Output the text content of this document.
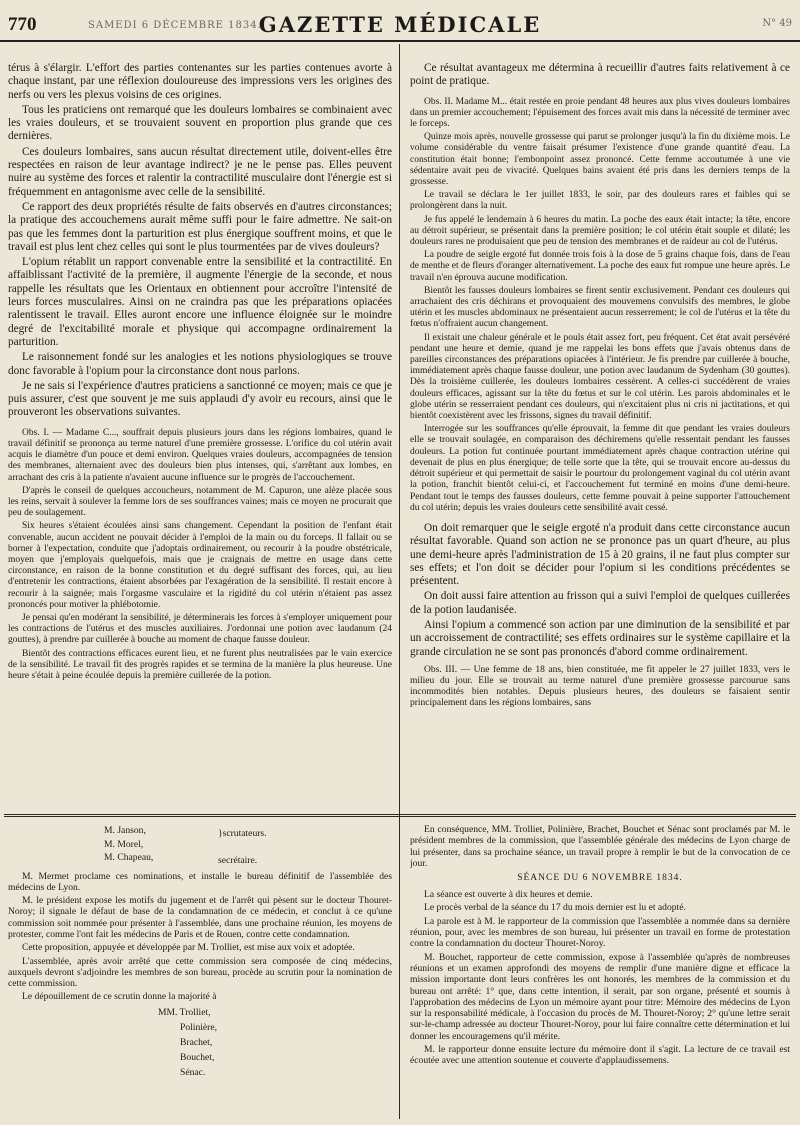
770	SAMEDI 6 DÉCEMBRE 1834.
GAZETTE MÉDICALE	N° 49

térus à s'élargir. L'effort des parties contenantes sur les parties contenues avorte à chaque instant, par une réflexion douloureuse des impressions vers les origines des nerfs ou vers les plexus voisins de ces origines.

Tous les praticiens ont remarqué que les douleurs lombaires se combinaient avec les vraies douleurs, et se trouvaient souvent en proportion plus grande que ces dernières.

Ces douleurs lombaires, sans aucun résultat directement utile, doivent-elles être respectées en raison de leur avantage indirect? je ne le pense pas. Elles peuvent nuire au système des forces et ralentir la contractilité musculaire dont l'énergie est si fréquemment en antagonisme avec celle de la sensibilité.

Ce rapport des deux propriétés résulte de faits observés en d'autres circonstances; la pratique des accouchemens aurait même suffi pour le faire admettre. Ne sait-on pas que les femmes dont la parturition est plus énergique souffrent moins, et que le travail est plus lent chez celles qui sont le plus tourmentées par de vives douleurs?

L'opium rétablit un rapport convenable entre la sensibilité et la contractilité. En affaiblissant l'activité de la première, il augmente l'énergie de la seconde, et nous rappelle les résultats que les Orientaux en obtiennent pour accroître l'intensité de leurs forces musculaires. Ainsi on ne craindra pas que les préparations opiacées ralentissent le travail. Elles auront encore une influence éloignée sur le moindre degré de l'excitabilité morale et physique qui accompagne ordinairement la parturition.

Le raisonnement fondé sur les analogies et les notions physiologiques se trouve donc favorable à l'opium pour la circonstance dont nous parlons.

Je ne sais si l'expérience d'autres praticiens a sanctionné ce moyen; mais ce que je puis assurer, c'est que souvent je me suis applaudi d'y avoir eu recours, ainsi que le prouveront les observations suivantes.

Obs. I. — Madame C..., souffrait depuis plusieurs jours dans les régions lombaires, quand le travail définitif se prononça au terme naturel d'une première grossesse. L'orifice du col utérin avait acquis le diamètre d'un pouce et demi environ. Quelques vraies douleurs, accompagnées de tension des membranes, alternaient avec des douleurs bien plus intenses, qui, s'arrêtant aux lombes, en arrachant des cris à la patiente n'avaient aucune influence sur le progrès de l'accouchement.

D'après le conseil de quelques accoucheurs, notamment de M. Capuron, une alèze placée sous les reins, servait à soulever la femme lors de ses souffrances vaines; mais ce moyen ne procurait que peu de soulagement.

Six heures s'étaient écoulées ainsi sans changement. Cependant la position de l'enfant était convenable, aucun accident ne pouvait décider à l'emploi de la main ou du forceps. Il fallait ou se borner à l'expectation, conduite que j'adoptais ordinairement, ou recourir à la poudre obstétricale, moyen que j'employais quelquefois, mais que je craignais de mettre en usage dans cette circonstance, en raison de la bonne constitution et du degré suffisant des forces, qui, au lieu d'entretenir les contractions, étaient absorbées par l'exagération de la sensibilité. Il restait encore à recourir à la saignée; mais l'orgasme vasculaire et la rigidité du col utérin n'étaient pas assez prononcés pour motiver la phlébotomie.

Je pensai qu'en modérant la sensibilité, je déterminerais les forces à s'employer uniquement pour les contractions de l'utérus et des muscles auxiliaires. J'ordonnai une potion avec laudanum (24 gouttes), à prendre par cuillerée à bouche au moment de chaque fausse douleur.

Bientôt des contractions efficaces eurent lieu, et ne furent plus neutralisées par le vain exercice de la sensibilité. Le travail fit des progrès rapides et se termina de la manière la plus heureuse. Une heure s'était à peine écoulée depuis la première cuillerée de la potion.

Ce résultat avantageux me détermina à recueillir d'autres faits relativement à ce point de pratique.

Obs. II. Madame M... était restée en proie pendant 48 heures aux plus vives douleurs lombaires dans un premier accouchement; l'épuisement des forces avait mis dans la nécessité de terminer avec le forceps.

Quinze mois après, nouvelle grossesse qui parut se prolonger jusqu'à la fin du dixième mois. Le volume considérable du ventre faisait présumer l'existence d'une grande quantité d'eau. La constitution était bonne; l'embonpoint assez prononcé. Cette femme accoutumée à une vie sédentaire avait peu de vivacité. Quelques bains avaient été pris dans les derniers temps de la grossesse.

Le travail se déclara le 1er juillet 1833, le soir, par des douleurs rares et faibles qui se prolongèrent dans la nuit.

Je fus appelé le lendemain à 6 heures du matin. La poche des eaux était intacte; la tête, encore au détroit supérieur, se présentait dans la première position; le col utérin était souple et dilaté; les douleurs rares ne produisaient que peu de tension des membranes et de raideur au col de l'utérus.

La poudre de seigle ergoté fut donnée trois fois à la dose de 5 grains chaque fois, dans de l'eau de menthe et de fleurs d'oranger alternativement. La poche des eaux fut rompue une heure après. Le travail n'en éprouva aucune modification.

Bientôt les fausses douleurs lombaires se firent sentir exclusivement. Pendant ces douleurs qui arrachaient des cris déchirans et provoquaient des mouvemens convulsifs des membres, le globe utérin et les muscles abdominaux ne présentaient aucun resserrement; le col de l'utérus et la tête du fœtus n'offraient aucun changement.

Il existait une chaleur générale et le pouls était assez fort, peu fréquent. Cet état avait persévéré pendant une heure et demie, quand je me rappelai les bons effets que j'avais obtenus dans de pareilles circonstances des préparations opiacées à l'intérieur. Je fis prendre par cuillerée à bouche, immédiatement après chaque fausse douleur, une potion avec laudanum de Sydenham (30 gouttes). Dès la troisième cuillerée, les douleurs lombaires cessèrent. A celles-ci succédèrent de vraies douleurs efficaces, agissant sur la tête du fœtus et sur le col utérin. Les parois abdominales et le globe utérin se resserraient pendant ces douleurs, qui n'excitaient plus ni cris ni jactitations, et qui bientôt coexistèrent avec les frissons, signes du travail définitif.

Interrogée sur les souffrances qu'elle éprouvait, la femme dit que pendant les vraies douleurs elle se trouvait soulagée, en comparaison des déchiremens qu'elle ressentait pendant les fausses douleurs. La potion fut continuée pourtant immédiatement après chaque contraction utérine qui devenait de plus en plus énergique; de telle sorte que la tête, qui se trouvait encore au-dessus du détroit supérieur et qui permettait de saisir le pourtour du prolongement vaginal du col utérin avant la potion, franchit bientôt celui-ci, et l'accouchement fut terminé en moins d'une demi-heure. Pendant tout le temps des fausses douleurs, cette femme pouvait à peine supporter l'attouchement du col utérin; depuis les vraies douleurs cette sensibilité avait cessé.

On doit remarquer que le seigle ergoté n'a produit dans cette circonstance aucun résultat favorable. Quand son action ne se prononce pas un quart d'heure, au plus une demi-heure après l'administration de 15 à 20 grains, il ne faut plus compter sur ses effets; et l'on doit se décider pour l'opium si les conditions précédentes se présentent.

On doit aussi faire attention au frisson qui a suivi l'emploi de quelques cuillerées de la potion laudanisée.

Ainsi l'opium a commencé son action par une diminution de la sensibilité et par un accroissement de contractilité; ses effets ordinaires sur le système capillaire et la grande circulation ne se sont pas prononcés d'abord comme ordinairement.

Obs. III. — Une femme de 18 ans, bien constituée, me fit appeler le 27 juillet 1833, vers le milieu du jour. Elle se trouvait au terme naturel d'une première grossesse parcourue sans incommodités bien notables. Depuis plusieurs heures, des douleurs se faisaient sentir principalement dans les régions lombaires, sans

M. Janson,
M. Morel,
M. Chapeau,
}scrutateurs.
secrétaire.

M. Mermet proclame ces nominations, et installe le bureau définitif de l'assemblée des médecins de Lyon.

M. le président expose les motifs du jugement et de l'arrêt qui pèsent sur le docteur Thouret-Noroy; il signale le défaut de base de la condamnation de ce médecin, et conclut à ce qu'une commission soit nommée pour présenter à l'assemblée, dans une prochaine réunion, les moyens de protester, comme l'ont fait les médecins de Paris et de Rouen, contre cette condamnation.

Cette proposition, appuyée et développée par M. Trolliet, est mise aux voix et adoptée.

L'assemblée, après avoir arrêté que cette commission sera composée de cinq médecins, auxquels devront s'adjoindre les membres de son bureau, procède au scrutin pour la nomination de cette commission.

Le dépouillement de ce scrutin donne la majorité à

MM. Trolliet,
Polinière,
Brachet,
Bouchet,
Sénac.

En conséquence, MM. Trolliet, Polinière, Brachet, Bouchet et Sénac sont proclamés par M. le président membres de la commission, que l'assemblée générale des médecins de Lyon charge de lui présenter, dans sa prochaine séance, un travail propre à remplir le but de la convocation de ce jour.

SÉANCE DU 6 NOVEMBRE 1834.

La séance est ouverte à dix heures et demie.

Le procès verbal de la séance du 17 du mois dernier est lu et adopté.

La parole est à M. le rapporteur de la commission que l'assemblée a nommée dans sa dernière réunion, pour, avec les membres de son bureau, lui présenter un travail en forme de protestation contre la condamnation du docteur Thouret-Noroy.

M. Bouchet, rapporteur de cette commission, expose à l'assemblée qu'après de nombreuses réunions et un examen approfondi des moyens de remplir d'une manière digne et efficace la mission importante dont leurs confrères les ont honorés, les membres de la commission et du bureau ont arrêté: 1° que, dans cette intention, il serait, par son organe, présenté et soumis à l'approbation des médecins de Lyon un mémoire ayant pour titre: Mémoire des médecins de Lyon sur la responsabilité médicale, à l'occasion du procès de M. Thouret-Noroy; 2° qu'une lettre serait sur-le-champ adressée au docteur Thouret-Noroy, pour lui faire connaître cette détermination et lui donner les encouragemens qu'il mérite.

M. le rapporteur donne ensuite lecture du mémoire dont il s'agit. La lecture de ce travail est écoutée avec une attention soutenue et couverte d'applaudissemens.
